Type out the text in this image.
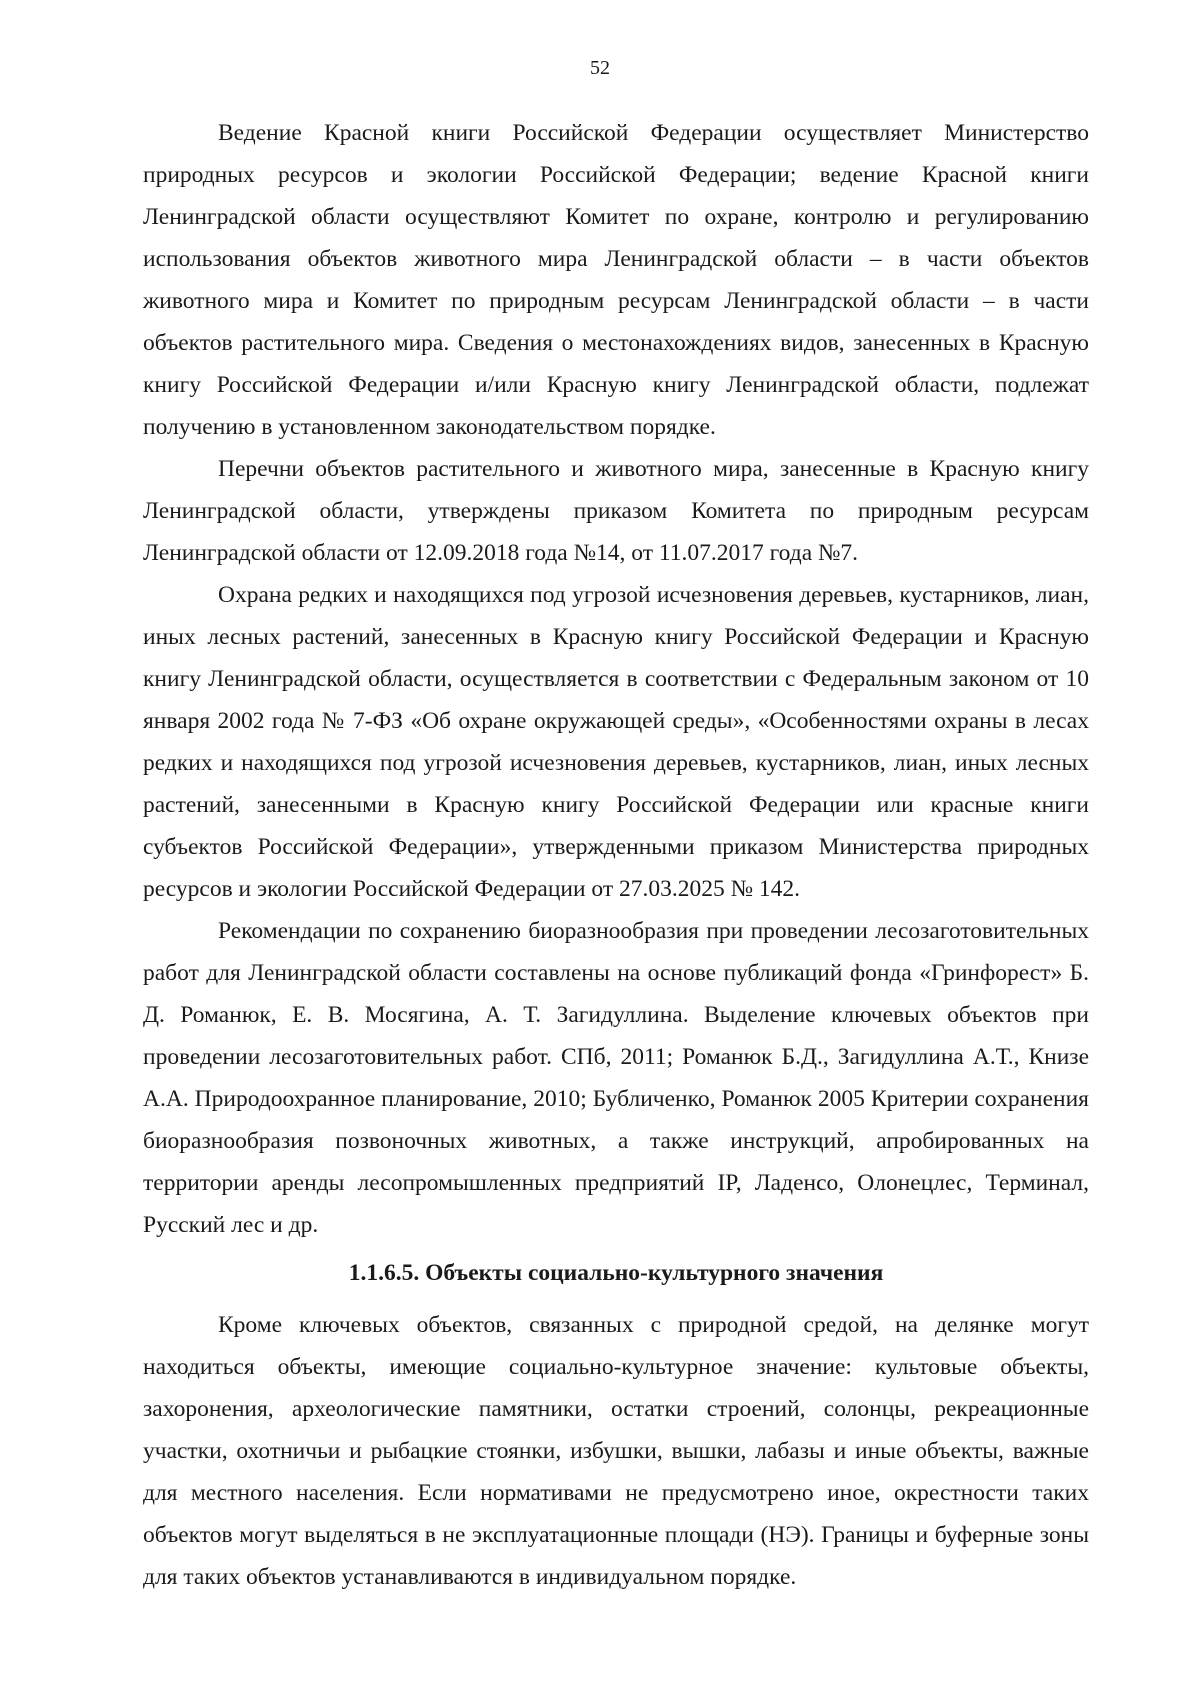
52

Ведение Красной книги Российской Федерации осуществляет Министерство природных ресурсов и экологии Российской Федерации; ведение Красной книги Ленинградской области осуществляют Комитет по охране, контролю и регулированию использования объектов животного мира Ленинградской области – в части объектов животного мира и Комитет по природным ресурсам Ленинградской области – в части объектов растительного мира. Сведения о местонахождениях видов, занесенных в Красную книгу Российской Федерации и/или Красную книгу Ленинградской области, подлежат получению в установленном законодательством порядке.

Перечни объектов растительного и животного мира, занесенные в Красную книгу Ленинградской области, утверждены приказом Комитета по природным ресурсам Ленинградской области от 12.09.2018 года №14, от 11.07.2017 года №7.

Охрана редких и находящихся под угрозой исчезновения деревьев, кустарников, лиан, иных лесных растений, занесенных в Красную книгу Российской Федерации и Красную книгу Ленинградской области, осуществляется в соответствии с Федеральным законом от 10 января 2002 года № 7-ФЗ «Об охране окружающей среды», «Особенностями охраны в лесах редких и находящихся под угрозой исчезновения деревьев, кустарников, лиан, иных лесных растений, занесенными в Красную книгу Российской Федерации или красные книги субъектов Российской Федерации», утвержденными приказом Министерства природных ресурсов и экологии Российской Федерации от 27.03.2025 № 142.

Рекомендации по сохранению биоразнообразия при проведении лесозаготовительных работ для Ленинградской области составлены на основе публикаций фонда «Гринфорест» Б. Д. Романюк, Е. В. Мосягина, А. Т. Загидуллина. Выделение ключевых объектов при проведении лесозаготовительных работ. СПб, 2011; Романюк Б.Д., Загидуллина А.Т., Книзе А.А. Природоохранное планирование, 2010; Бубличенко, Романюк 2005 Критерии сохранения биоразнообразия позвоночных животных, а также инструкций, апробированных на территории аренды лесопромышленных предприятий IP, Ладенсо, Олонецлес, Терминал, Русский лес и др.

1.1.6.5. Объекты социально-культурного значения

Кроме ключевых объектов, связанных с природной средой, на делянке могут находиться объекты, имеющие социально-культурное значение: культовые объекты, захоронения, археологические памятники, остатки строений, солонцы, рекреационные участки, охотничьи и рыбацкие стоянки, избушки, вышки, лабазы и иные объекты, важные для местного населения. Если нормативами не предусмотрено иное, окрестности таких объектов могут выделяться в не эксплуатационные площади (НЭ). Границы и буферные зоны для таких объектов устанавливаются в индивидуальном порядке.
